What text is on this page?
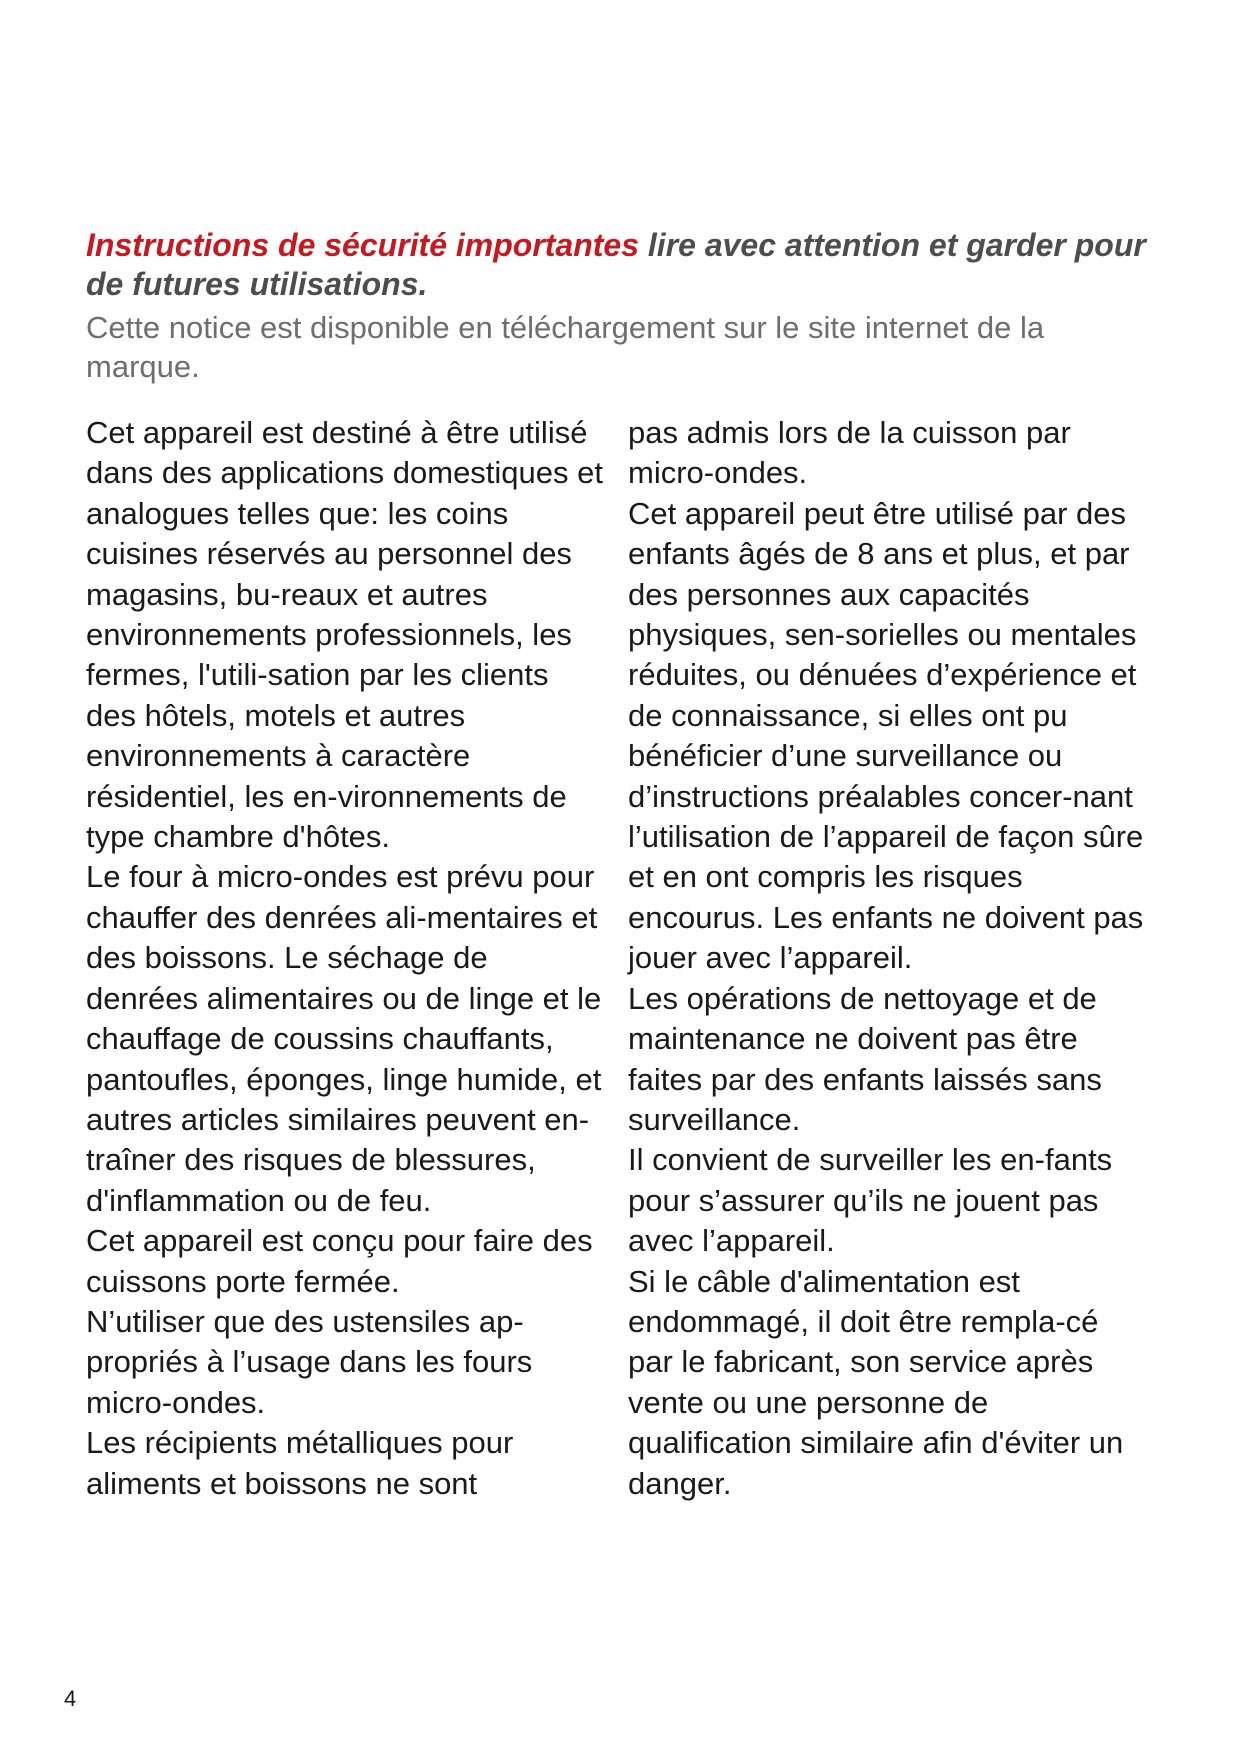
Instructions de sécurité importantes lire avec attention et garder pour de futures utilisations.

Cette notice est disponible en téléchargement sur le site internet de la marque.

Cet appareil est destiné à être utilisé dans des applications domestiques et analogues telles que: les coins cuisines réservés au personnel des magasins, bu-reaux et autres environnements professionnels, les fermes, l'utili-sation par les clients des hôtels, motels et autres environnements à caractère résidentiel, les en-vironnements de type chambre d'hôtes.

Le four à micro-ondes est prévu pour chauffer des denrées ali-mentaires et des boissons. Le séchage de denrées alimentaires ou de linge et le chauffage de coussins chauffants, pantoufles, éponges, linge humide, et autres articles similaires peuvent en-traîner des risques de blessures, d'inflammation ou de feu.

Cet appareil est conçu pour faire des cuissons porte fermée.

N’utiliser que des ustensiles ap-propriés à l’usage dans les fours micro-ondes.

Les récipients métalliques pour aliments et boissons ne sont

pas admis lors de la cuisson par micro-ondes.

Cet appareil peut être utilisé par des enfants âgés de 8 ans et plus, et par des personnes aux capacités physiques, sen-sorielles ou mentales réduites, ou dénuées d’expérience et de connaissance, si elles ont pu bénéficier d’une surveillance ou d’instructions préalables concer-nant l’utilisation de l’appareil de façon sûre et en ont compris les risques encourus. Les enfants ne doivent pas jouer avec l’appareil.

Les opérations de nettoyage et de maintenance ne doivent pas être faites par des enfants laissés sans surveillance.

Il convient de surveiller les en-fants pour s’assurer qu’ils ne jouent pas avec l’appareil.

Si le câble d'alimentation est endommagé, il doit être rempla-cé par le fabricant, son service après vente ou une personne de qualification similaire afin d'éviter un danger.

4
